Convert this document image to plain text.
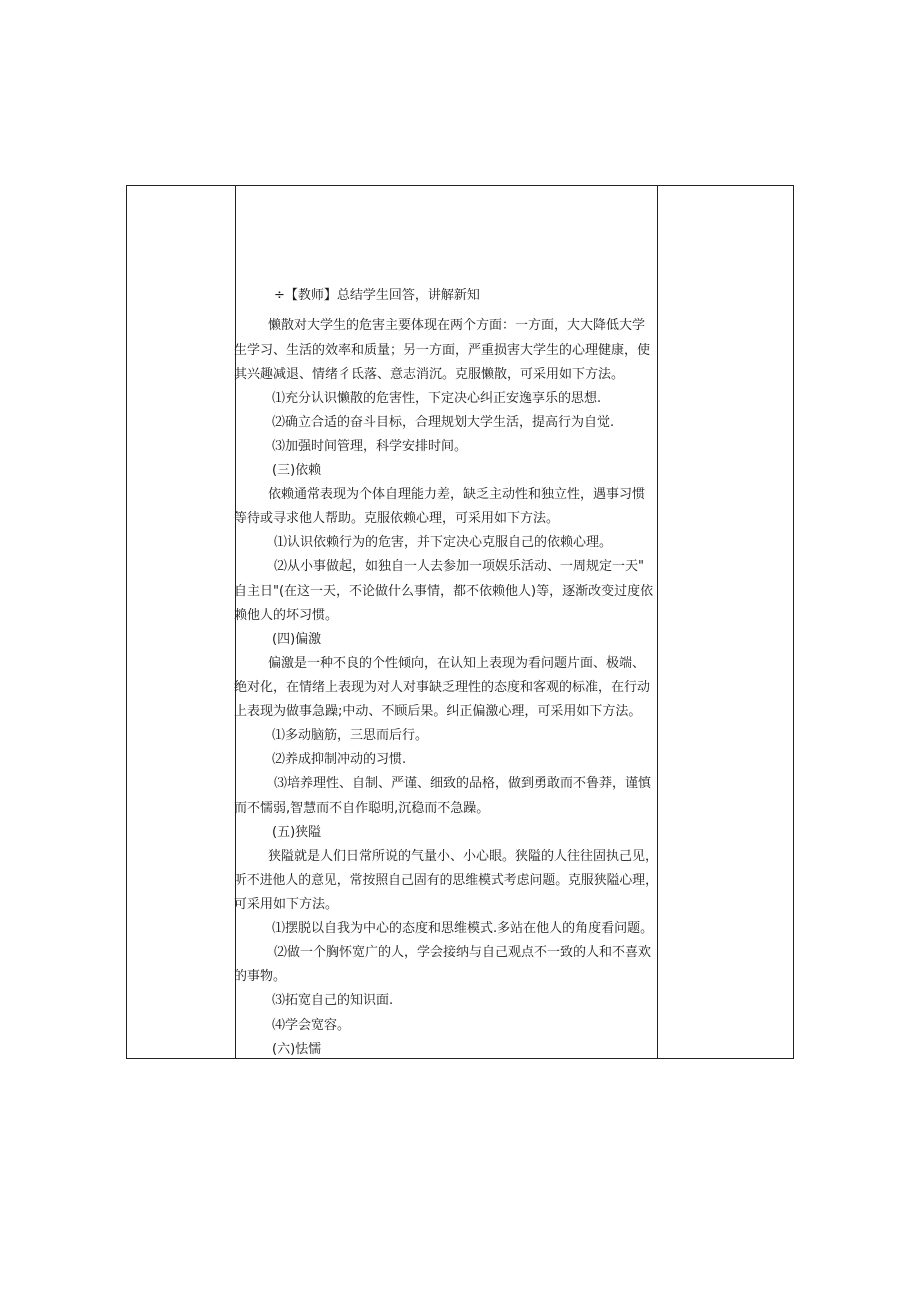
÷【教师】总结学生回答，讲解新知
懒散对大学生的危害主要体现在两个方面：一方面，大大降低大学
生学习、生活的效率和质量；另一方面，严重损害大学生的心理健康，使
其兴趣减退、情绪彳氐落、意志消沉。克服懒散，可采用如下方法。
⑴充分认识懒散的危害性，下定决心纠正安逸享乐的思想.
⑵确立合适的奋斗目标，合理规划大学生活，提高行为自觉.
⑶加强时间管理，科学安排时间。
(三)依赖
依赖通常表现为个体自理能力差，缺乏主动性和独立性，遇事习惯
等待或寻求他人帮助。克服依赖心理，可采用如下方法。
⑴认识依赖行为的危害，并下定决心克服自己的依赖心理。
⑵从小事做起，如独自一人去参加一项娱乐活动、一周规定一天"
自主日"(在这一天，不论做什么事情，都不依赖他人)等，逐渐改变过度依
赖他人的坏习惯。
(四)偏激
偏激是一种不良的个性倾向，在认知上表现为看问题片面、极端、
绝对化，在情绪上表现为对人对事缺乏理性的态度和客观的标准，在行动
上表现为做事急躁;中动、不顾后果。纠正偏激心理，可采用如下方法。
⑴多动脑筋，三思而后行。
⑵养成抑制冲动的习惯.
⑶培养理性、自制、严谨、细致的品格，做到勇敢而不鲁莽，谨慎
而不懦弱,智慧而不自作聪明,沉稳而不急躁。
(五)狭隘
狭隘就是人们日常所说的气量小、小心眼。狭隘的人往往固执己见，
听不进他人的意见，常按照自己固有的思维模式考虑问题。克服狭隘心理，
可采用如下方法。
⑴摆脱以自我为中心的态度和思维模式.多站在他人的角度看问题。
⑵做一个胸怀宽广的人，学会接纳与自己观点不一致的人和不喜欢
的事物。
⑶拓宽自己的知识面.
⑷学会宽容。
(六)怯懦
